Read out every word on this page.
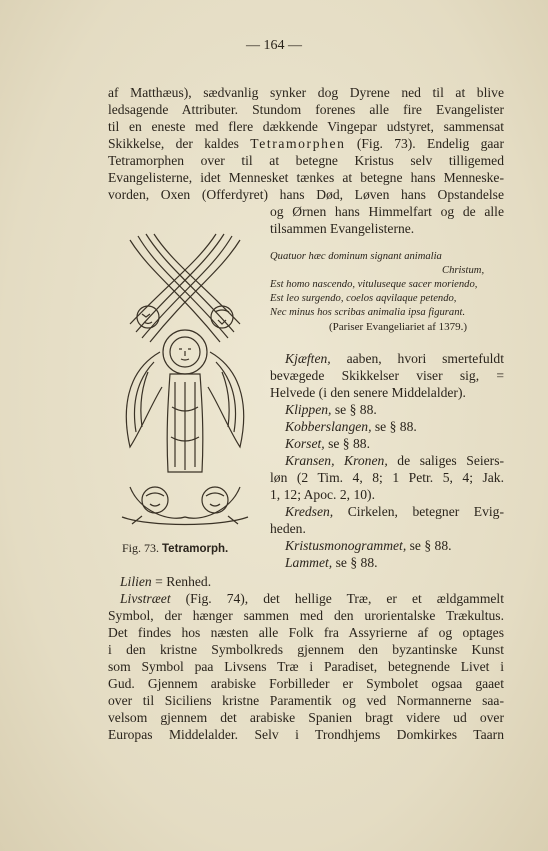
— 164 —
af Matthæus), sædvanlig synker dog Dyrene ned til at blive
ledsagende Attributer. Stundom forenes alle fire Evangelister
til en eneste med flere dækkende Vingepar udstyret, sammensat
Skikkelse, der kaldes Tetramorphen (Fig. 73). Endelig gaar
Tetramorphen over til at betegne Kristus selv tilligemed
Evangelisterne, idet Mennesket tænkes at betegne hans Menneske-
vorden, Oxen (Offerdyret) hans Død, Løven hans Opstandelse
og Ørnen hans Himmelfart og de alle
tilsammen Evangelisterne.
Quatuor hæc dominum signant animalia
Christum,
Est homo nascendo, vituluseque sacer moriendo,
Est leo surgendo, coelos aqvilaque petendo,
Nec minus hos scribas animalia ipsa figurant.
(Pariser Evangeliariet af 1379.)
Kjæften, aaben, hvori smertefuldt
bevægede Skikkelser viser sig, =
Helvede (i den senere Middelalder).
Klippen, se § 88.
Kobberslangen, se § 88.
Korset, se § 88.
Kransen, Kronen, de saliges Seiers-
løn (2 Tim. 4, 8; 1 Petr. 5, 4; Jak.
1, 12; Apoc. 2, 10).
Kredsen, Cirkelen, betegner Evig-
heden.
Kristusmonogrammet, se § 88.
Lammet, se § 88.
Fig. 73. Tetramorph.
Lilien = Renhed.
Livstræet (Fig. 74), det hellige Træ, er et ældgammelt
Symbol, der hænger sammen med den urorientalske Trækultus.
Det findes hos næsten alle Folk fra Assyrierne af og optages
i den kristne Symbolkreds gjennem den byzantinske Kunst
som Symbol paa Livsens Træ i Paradiset, betegnende Livet i
Gud. Gjennem arabiske Forbilleder er Symbolet ogsaa gaaet
over til Siciliens kristne Paramentik og ved Normannerne saa-
velsom gjennem det arabiske Spanien bragt videre ud over
Europas Middelalder. Selv i Trondhjems Domkirkes Taarn
